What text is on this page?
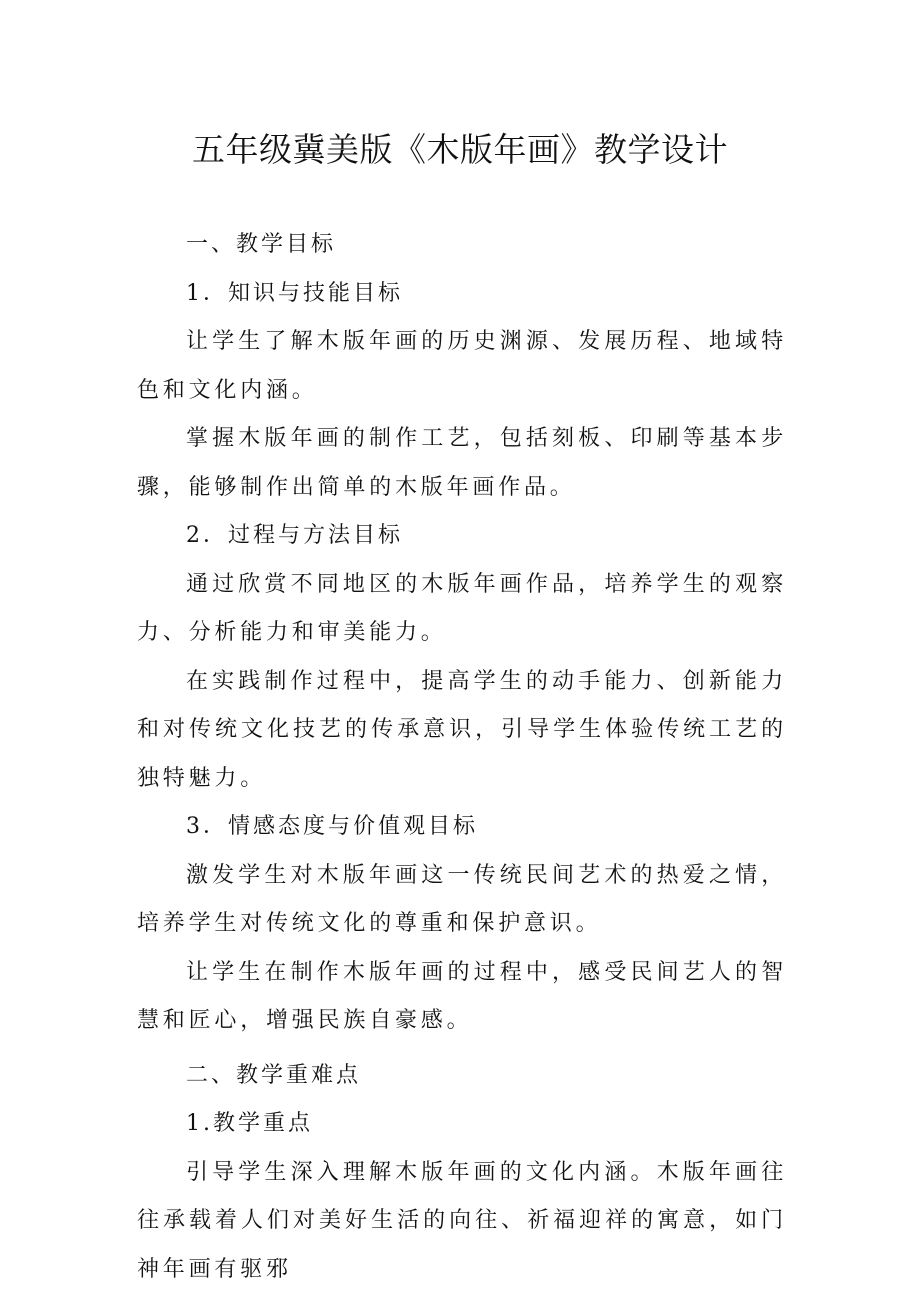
五年级冀美版《木版年画》教学设计

一、教学目标

1．知识与技能目标

让学生了解木版年画的历史渊源、发展历程、地域特色和文化内涵。

掌握木版年画的制作工艺，包括刻板、印刷等基本步骤，能够制作出简单的木版年画作品。

2．过程与方法目标

通过欣赏不同地区的木版年画作品，培养学生的观察力、分析能力和审美能力。

在实践制作过程中，提高学生的动手能力、创新能力和对传统文化技艺的传承意识，引导学生体验传统工艺的独特魅力。

3．情感态度与价值观目标

激发学生对木版年画这一传统民间艺术的热爱之情，培养学生对传统文化的尊重和保护意识。

让学生在制作木版年画的过程中，感受民间艺人的智慧和匠心，增强民族自豪感。

二、教学重难点

1.教学重点

引导学生深入理解木版年画的文化内涵。木版年画往往承载着人们对美好生活的向往、祈福迎祥的寓意，如门神年画有驱邪
